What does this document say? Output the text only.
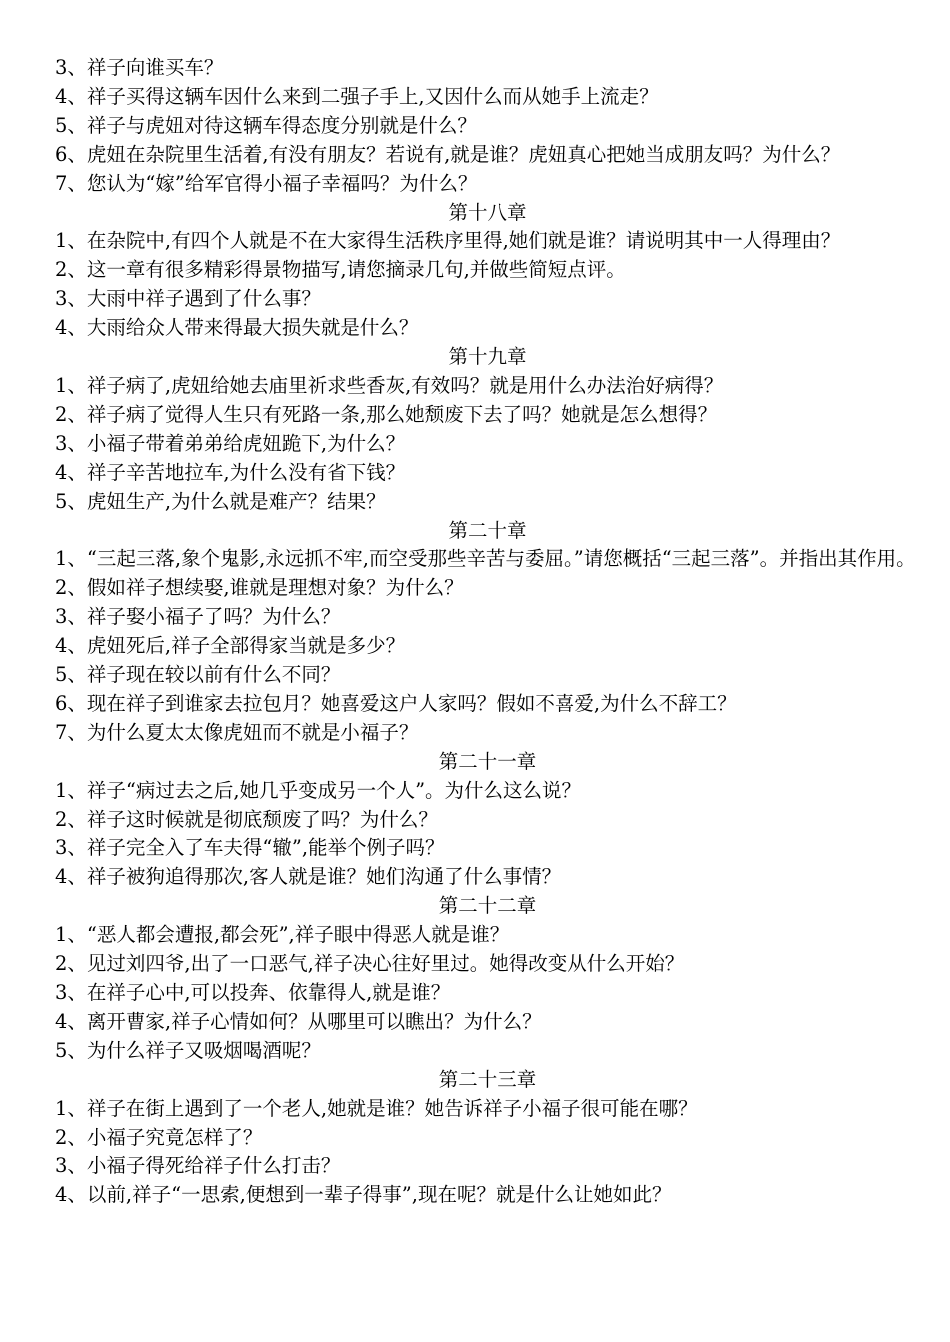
3、祥子向谁买车？
4、祥子买得这辆车因什么来到二强子手上,又因什么而从她手上流走？
5、祥子与虎妞对待这辆车得态度分别就是什么？
6、虎妞在杂院里生活着,有没有朋友？若说有,就是谁？虎妞真心把她当成朋友吗？为什么？
7、您认为“嫁”给军官得小福子幸福吗？为什么？
第十八章
1、在杂院中,有四个人就是不在大家得生活秩序里得,她们就是谁？请说明其中一人得理由？
2、这一章有很多精彩得景物描写,请您摘录几句,并做些简短点评。
3、大雨中祥子遇到了什么事？
4、大雨给众人带来得最大损失就是什么？
第十九章
1、祥子病了,虎妞给她去庙里祈求些香灰,有效吗？就是用什么办法治好病得？
2、祥子病了觉得人生只有死路一条,那么她颓废下去了吗？她就是怎么想得？
3、小福子带着弟弟给虎妞跪下,为什么？
4、祥子辛苦地拉车,为什么没有省下钱？
5、虎妞生产,为什么就是难产？结果？
第二十章
1、“三起三落,象个鬼影,永远抓不牢,而空受那些辛苦与委屈。”请您概括“三起三落”。并指出其作用。
2、假如祥子想续娶,谁就是理想对象？为什么？
3、祥子娶小福子了吗？为什么？
4、虎妞死后,祥子全部得家当就是多少？
5、祥子现在较以前有什么不同？
6、现在祥子到谁家去拉包月？她喜爱这户人家吗？假如不喜爱,为什么不辞工？
7、为什么夏太太像虎妞而不就是小福子？
第二十一章
1、祥子“病过去之后,她几乎变成另一个人”。为什么这么说？
2、祥子这时候就是彻底颓废了吗？为什么？
3、祥子完全入了车夫得“辙”,能举个例子吗？
4、祥子被狗追得那次,客人就是谁？她们沟通了什么事情？
第二十二章
1、“恶人都会遭报,都会死”,祥子眼中得恶人就是谁？
2、见过刘四爷,出了一口恶气,祥子决心往好里过。她得改变从什么开始？
3、在祥子心中,可以投奔、依靠得人,就是谁？
4、离开曹家,祥子心情如何？从哪里可以瞧出？为什么？
5、为什么祥子又吸烟喝酒呢？
第二十三章
1、祥子在街上遇到了一个老人,她就是谁？她告诉祥子小福子很可能在哪？
2、小福子究竟怎样了？
3、小福子得死给祥子什么打击？
4、以前,祥子“一思索,便想到一辈子得事”,现在呢？就是什么让她如此？
